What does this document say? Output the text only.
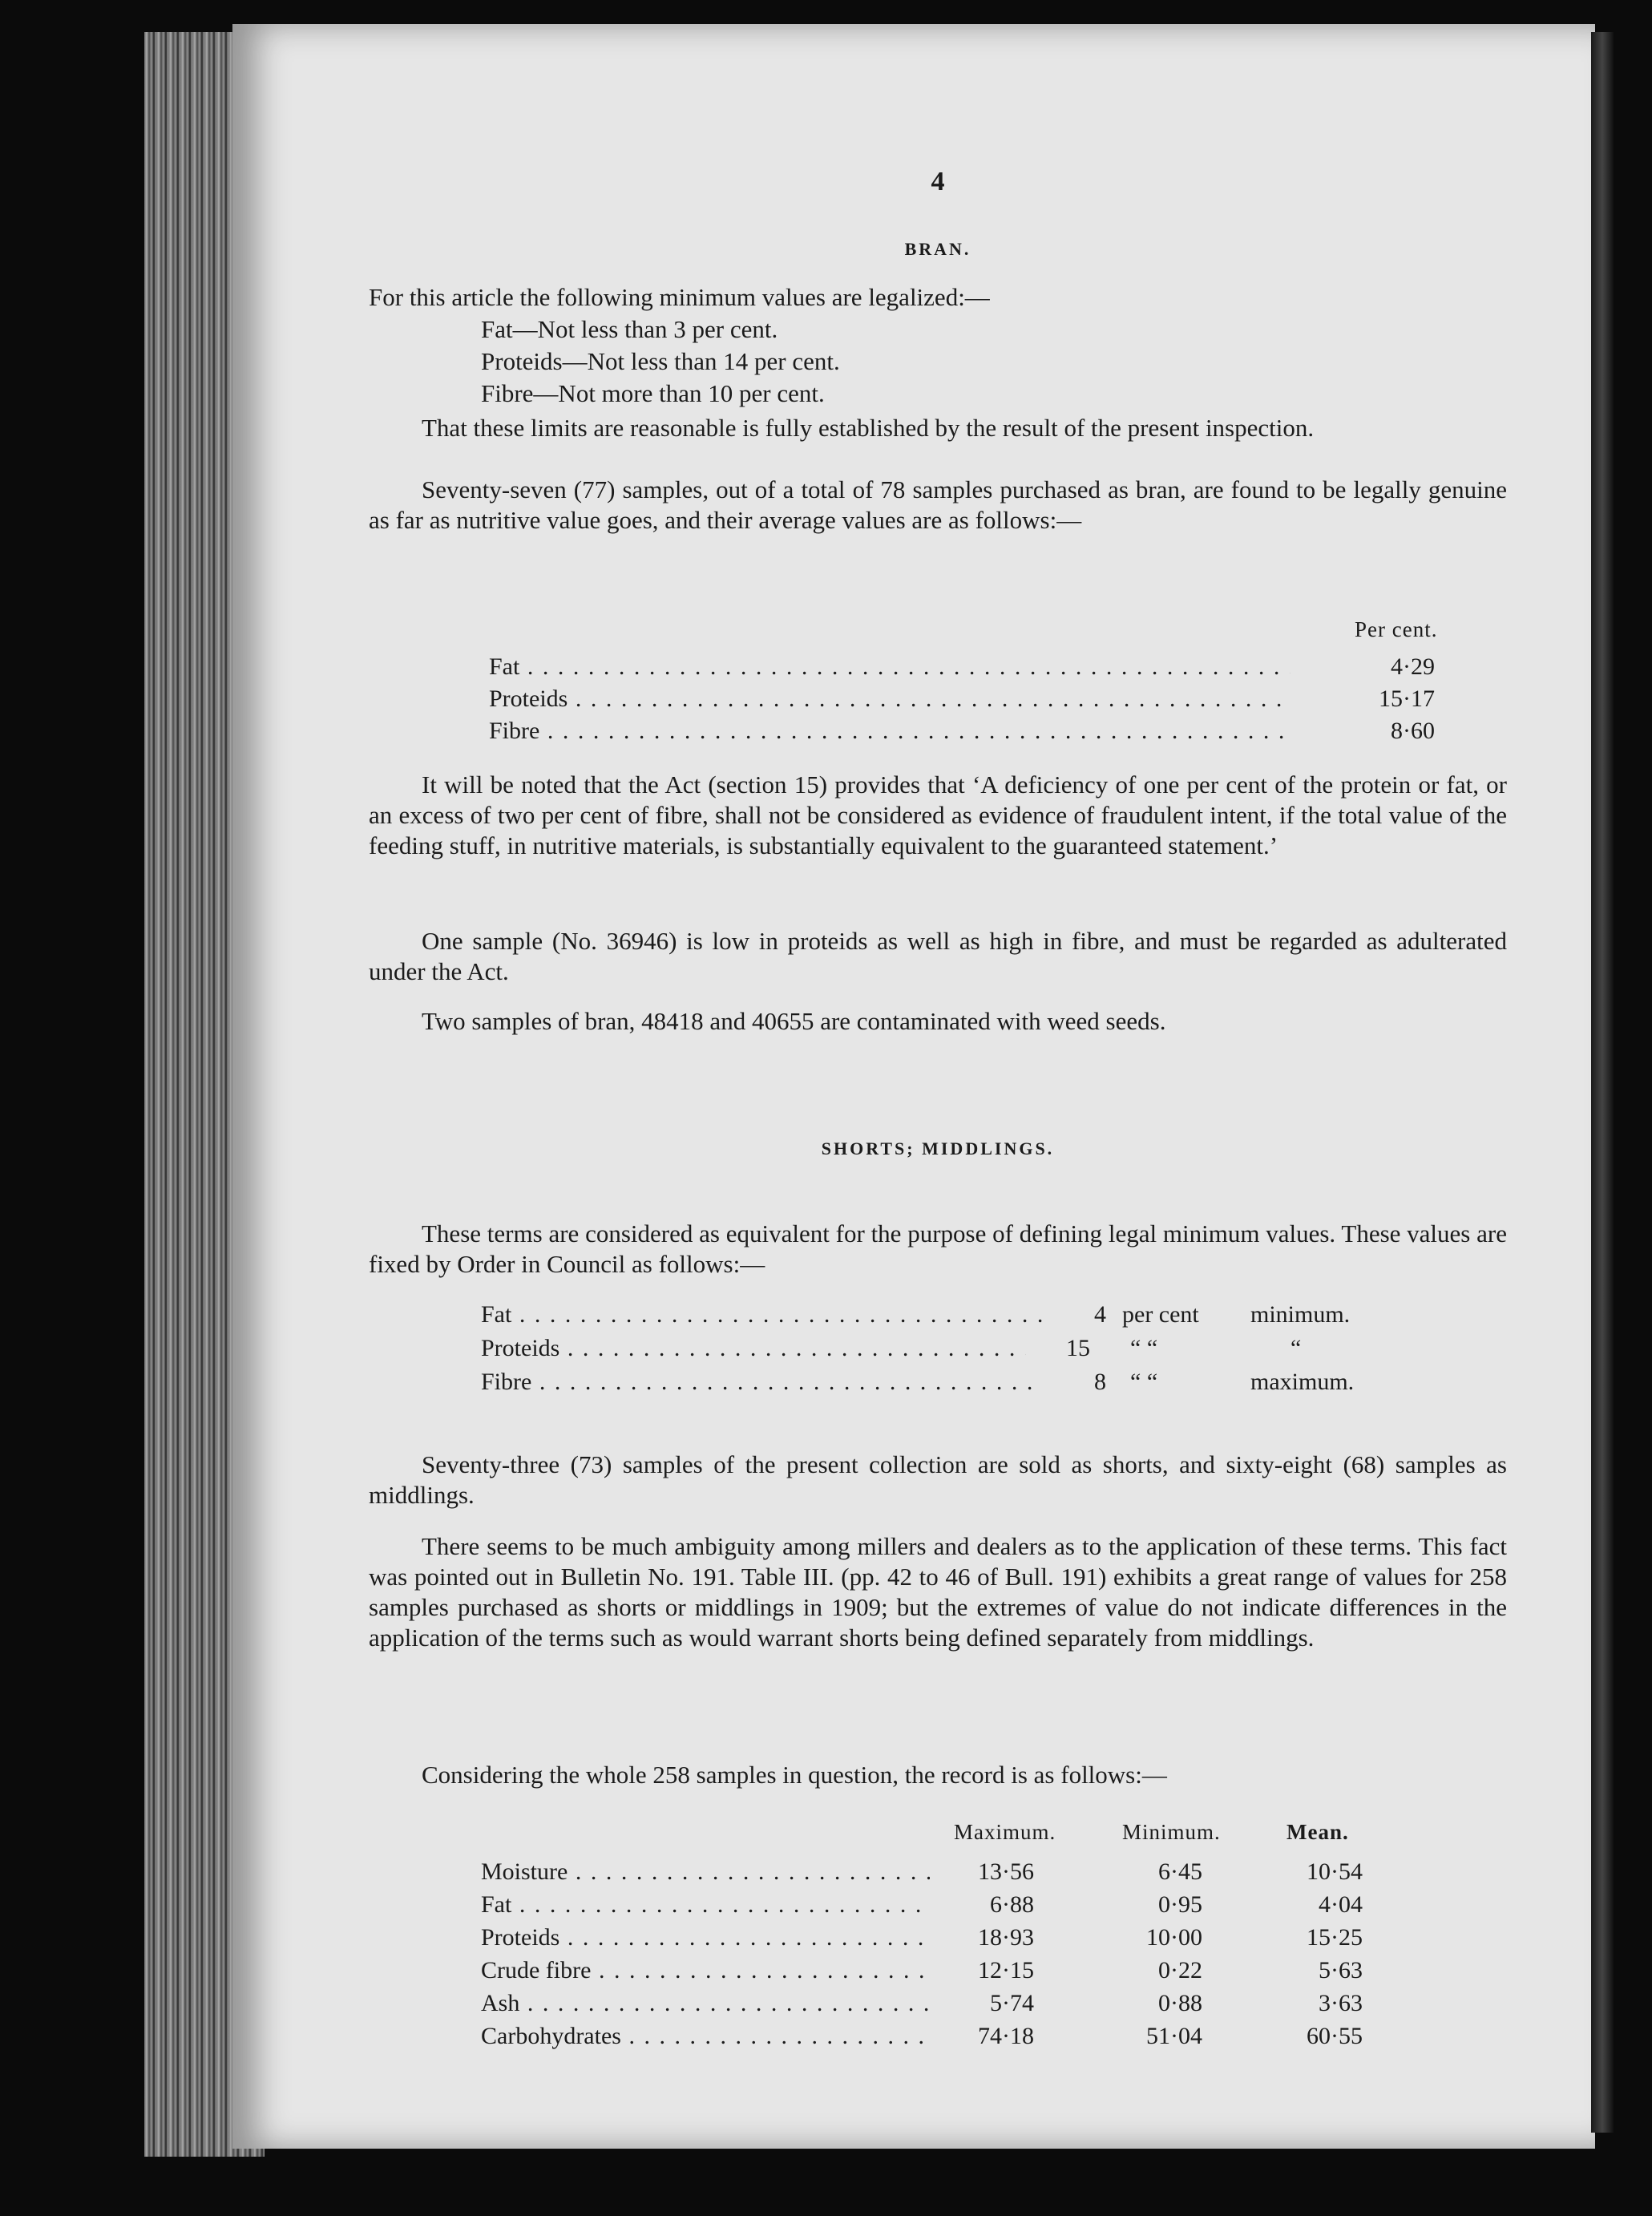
4
BRAN.
For this article the following minimum values are legalized:—
Fat—Not less than 3 per cent.
Proteids—Not less than 14 per cent.
Fibre—Not more than 10 per cent.
That these limits are reasonable is fully established by the result of the present inspection.
Seventy-seven (77) samples, out of a total of 78 samples purchased as bran, are found to be legally genuine as far as nutritive value goes, and their average values are as follows:—
Per cent.
Fat . . .	4·29
Proteids . . .	15·17
Fibre . . .	8·60
It will be noted that the Act (section 15) provides that ‘A deficiency of one per cent of the protein or fat, or an excess of two per cent of fibre, shall not be considered as evidence of fraudulent intent, if the total value of the feeding stuff, in nutritive materials, is substantially equivalent to the guaranteed statement.’
One sample (No. 36946) is low in proteids as well as high in fibre, and must be regarded as adulterated under the Act.
Two samples of bran, 48418 and 40655 are contaminated with weed seeds.
SHORTS; MIDDLINGS.
These terms are considered as equivalent for the purpose of defining legal minimum values. These values are fixed by Order in Council as follows:—
Fat . . .	4 per cent minimum.
Proteids . . .	15 “ “	“
Fibre . . .	8 “ “	maximum.
Seventy-three (73) samples of the present collection are sold as shorts, and sixty-eight (68) samples as middlings.
There seems to be much ambiguity among millers and dealers as to the application of these terms. This fact was pointed out in Bulletin No. 191. Table III. (pp. 42 to 46 of Bull. 191) exhibits a great range of values for 258 samples purchased as shorts or middlings in 1909; but the extremes of value do not indicate differences in the application of the terms such as would warrant shorts being defined separately from middlings.
Considering the whole 258 samples in question, the record is as follows:—
Maximum.	Minimum.	Mean.
Moisture . . .	13·56	6·45	10·54
Fat . . .	6·88	0·95	4·04
Proteids . . .	18·93	10·00	15·25
Crude fibre . . .	12·15	0·22	5·63
Ash . . .	5·74	0·88	3·63
Carbohydrates . . .	74·18	51·04	60·55
